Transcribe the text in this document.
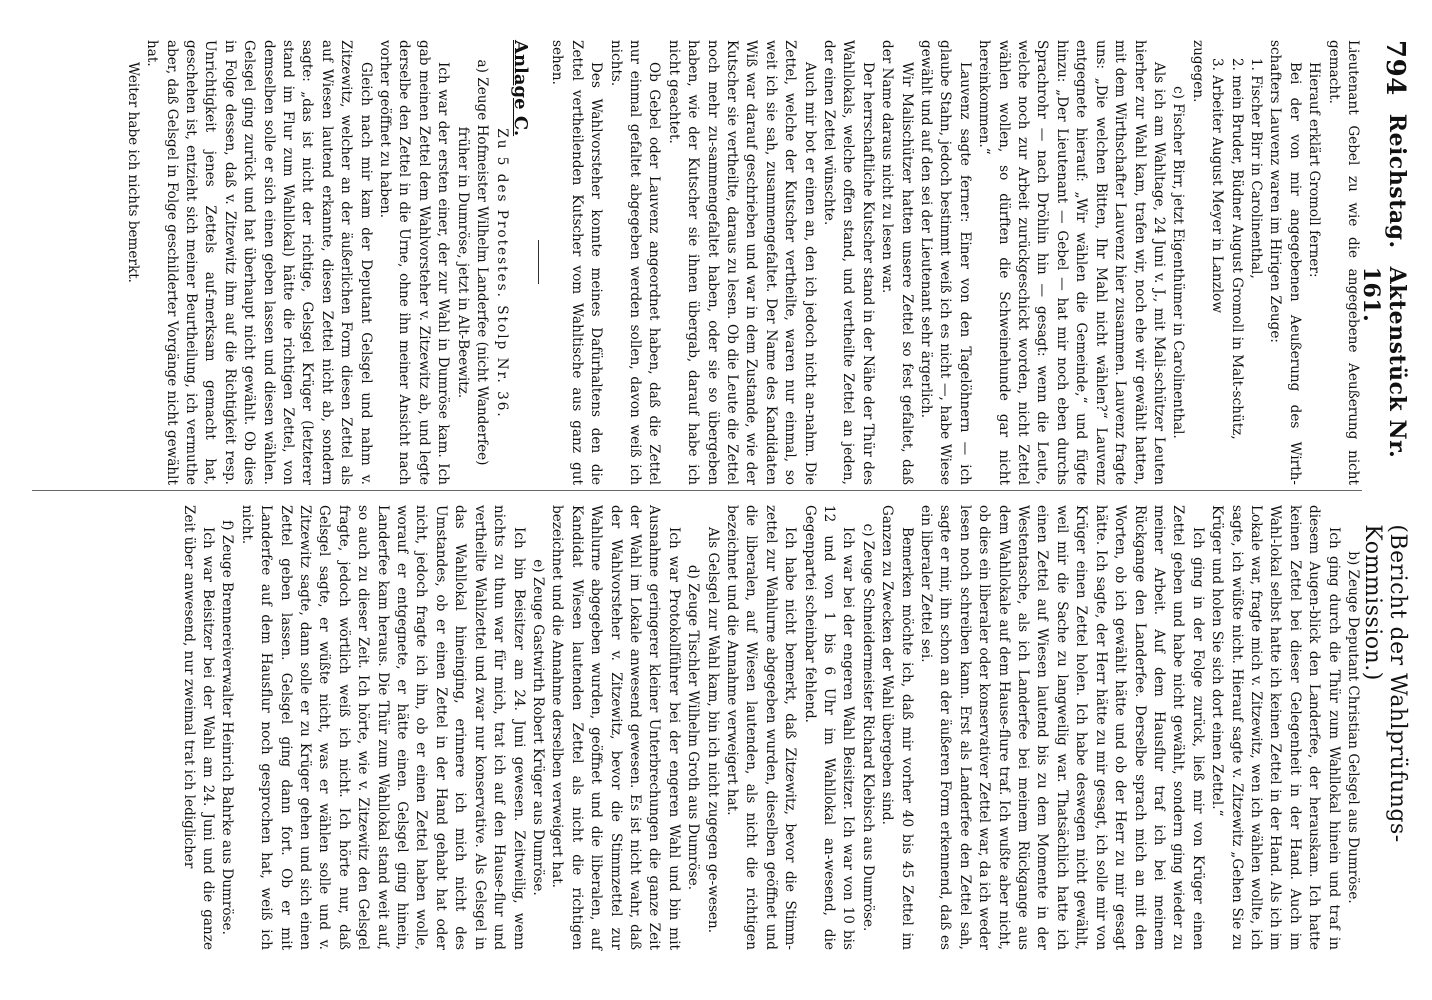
794
Reichstag.
Aktenstück Nr. 161.
(Bericht der Wahlprüfungs-Kommission.)

Lieutenant Gebel zu wie die angegebene Aeußerung nicht gemacht.

Hierauf erklärt Gromoll ferner:

Bei der von mir angegebenen Aeußerung des Wirth-schafters Lauvenz waren im Hirigen Zeuge:

1. Fischer Birr in Carolinenthal,

2. mein Bruder, Büdner August Gromoll in Malt-schütz,

3. Arbeiter August Meyer in Lanzlow

zugegen.

c) Fischer Birr, jetzt Eigenthümer in Carolinenthal.

Als ich am Wahltage, 24 Juni v. J., mit Mali-schützer Leuten hierher zur Wahl kam, trafen wir, noch ehe wir gewählt hatten, mit dem Wirthschafter Lauvenz hier zusammen. Lauvenz fragte uns: „Die welchen Bitten, Ihr Mahl nicht wählen?“ Lauvenz entgegnete hierauf: „Wir wählen die Gemeinde,“ und fügte hinzu: „Der Lieutenant — Gebel — hat mir noch eben durchs Sprachrohr — nach Dröhlin hin — gesagt: wenn die Leute, welche noch zur Arbeit zurückgeschickt worden, nicht Zettel wählen wollen, so dürften die Schweinehunde gar nicht hereinkommen.“

Lauvenz sagte ferner: Einer von den Tagelöhnern — ich glaube Stahn, jedoch bestimmt weiß ich es nicht —, habe Wiese gewählt und auf den sei der Lieutenant sehr ärgerlich.

Wir Malischützer hatten unsere Zettel so fest gefaltet, daß der Name daraus nicht zu lesen war.

Der herrschaftliche Kutscher stand in der Nähe der Thür des Wahllokals, welche offen stand, und vertheilte Zettel an jeden, der einen Zettel wünschte.

Auch mir bot er einen an, den ich jedoch nicht an-nahm. Die Zettel, welche der Kutscher vertheilte, waren nur einmal, so weit ich sie sah, zusammengefaltet. Der Name des Kandidaten Wiß war darauf geschrieben und war in dem Zustande, wie der Kutscher sie vertheilte, daraus zu lesen. Ob die Leute die Zettel noch mehr zu-sammengefaltet haben, oder sie so übergeben haben, wie der Kutscher sie ihnen übergab, darauf habe ich nicht geachtet.

Ob Gebel oder Lauvenz angeordnet haben, daß die Zettel nur einmal gefaltet abgegeben werden sollen, davon weiß ich nichts.

Des Wahlvorsteher konnte meines Dafürhaltens den die Zettel vertheilenden Kutscher vom Wahltische aus ganz gut sehen.

Anlage C.

Zu 5 des Protestes. Stolp Nr. 36.

a) Zeuge Hofmeister Wilhelm Landerfee (nicht Wanderfee) früher in Dumröse, jetzt in Alt-Beewitz.

Ich war der ersten einer, der zur Wahl in Dumröse kam. Ich gab meinen Zettel dem Wahlvorsteher v. Zitzewitz ab, und legte derselbe den Zettel in die Urne, ohne ihn meiner Ansicht nach vorher geöffnet zu haben.

Gleich nach mir kam der Deputant Gelsgel und nahm v. Zitzewitz, welcher an der äußerlichen Form diesen Zettel als auf Wiesen lautend erkannte, diesen Zettel nicht ab, sondern sagte: „das ist nicht der richtige, Gelsgel Krüger (letzterer stand im Flur zum Wahllokal) hätte die richtigen Zettel, von demselben solle er sich einen geben lassen und diesen wählen. Gelsgel ging zurück und hat überhaupt nicht gewählt. Ob dies in Folge dessen, daß v. Zitzewitz ihm auf die Richtigkeit resp. Unrichtigkeit jenes Zettels auf-merksam gemacht hat, geschehen ist, entzieht sich meiner Beurtheilung, ich vermuthe aber, daß Gelsgel in Folge geschilderter Vorgänge nicht gewählt hat.

Weiter habe ich nichts bemerkt.

b) Zeuge Deputant Christian Gelsgel aus Dumröse.

Ich ging durch die Thür zum Wahllokal hinein und traf in diesem Augen-blick den Landerfee, der herauskam. Ich hatte keinen Zettel bei dieser Gelegenheit in der Hand. Auch im Wahl-lokal selbst hatte ich keinen Zettel in der Hand. Als ich im Lokale war, fragte mich v. Zitzewitz, wen ich wählen wollte, ich sagte, ich wüßte nicht. Hierauf sagte v. Zitzewitz „Gehen Sie zu Krüger und holen Sie sich dort einen Zettel.“

Ich ging in der Folge zurück, ließ mir von Krüger einen Zettel geben und habe nicht gewählt, sondern ging wieder zu meiner Arbeit. Auf dem Hausflur traf ich bei meinem Rückgange den Landerfee. Derselbe sprach mich an mit den Worten, ob ich gewählt hätte und ob der Herr zu mir gesagt hätte. Ich sagte, der Herr hätte zu mir gesagt, ich solle mir von Krüger einen Zettel holen. Ich habe deswegen nicht gewählt, weil mir die Sache zu langweilig war. Thatsächlich hatte ich einen Zettel auf Wiesen lautend bis zu dem Momente in der Westentasche, als ich Landerfee bei meinem Rückgange aus dem Wahllokale auf dem Hause-flure traf. Ich wußte aber nicht, ob dies ein liberaler oder konservativer Zettel war, da ich weder lesen noch schreiben kann. Erst als Landerfee den Zettel sah, sagte er mir, ihn schon an der äußeren Form erkennend, daß es ein liberaler Zettel sei.

Bemerken möchte ich, daß mir vorher 40 bis 45 Zettel im Ganzen zu Zwecken der Wahl übergeben sind.

c) Zeuge Schneidermeister Richard Klebisch aus Dumröse.

Ich war bei der engeren Wahl Beisitzer. Ich war von 10 bis 12 und von 1 bis 6 Uhr im Wahllokal an-wesend, die Gegenpartei scheinbar fehlend.

Ich habe nicht bemerkt, daß Zitzewitz, bevor die Stimm-zettel zur Wahlurne abgegeben wurden, dieselben geöffnet und die liberalen, auf Wiesen lautenden, als nicht die richtigen bezeichnet und die Annahme verweigert hat.

Als Gelsgel zur Wahl kam, bin ich nicht zugegen ge-wesen.

d) Zeuge Tischler Wilhelm Groth aus Dumröse.

Ich war Protokollführer bei der engeren Wahl und bin mit Ausnahme geringerer kleiner Unterbrechungen die ganze Zeit der Wahl im Lokale anwesend gewesen. Es ist nicht wahr, daß der Wahlvorsteher v. Zitzewitz, bevor die Stimmzettel zur Wahlurne abgegeben wurden, geöffnet und die liberalen, auf Kandidat Wiesen lautenden Zettel als nicht die richtigen bezeichnet und die Annahme derselben verweigert hat.

e) Zeuge Gastwirth Robert Krüger aus Dumröse.

Ich bin Beisitzer am 24. Juni gewesen. Zeitweilig, wenn nichts zu thun war für mich, trat ich auf den Hause-flur und vertheilte Wahlzettel und zwar nur konservative. Als Gelsgel in das Wahllokal hineinging, erinnere ich mich nicht des Umstandes, ob er einen Zettel in der Hand gehabt hat oder nicht, jedoch fragte ich ihn, ob er einen Zettel haben wolle, worauf er entgegnete, er hätte einen. Gelsgel ging hinein, Landerfee kam heraus. Die Thür zum Wahllokal stand weit auf, so auch zu dieser Zeit. Ich hörte, wie v. Zitzewitz den Gelsgel fragte, jedoch wörtlich weiß ich nicht. Ich hörte nur, daß Gelsgel sagte, er wüßte nicht, was er wählen solle und v. Zitzewitz sagte, dann solle er zu Krüger gehen und sich einen Zettel geben lassen. Gelsgel ging dann fort. Ob er mit Landerfee auf dem Hausflur noch gesprochen hat, weiß ich nicht.

f) Zeuge Brennereiverwalter Heinrich Bahrke aus Dumröse.

Ich war Beisitzer bei der Wahl am 24. Juni und die ganze Zeit über anwesend, nur zweimal trat ich lediglicher
